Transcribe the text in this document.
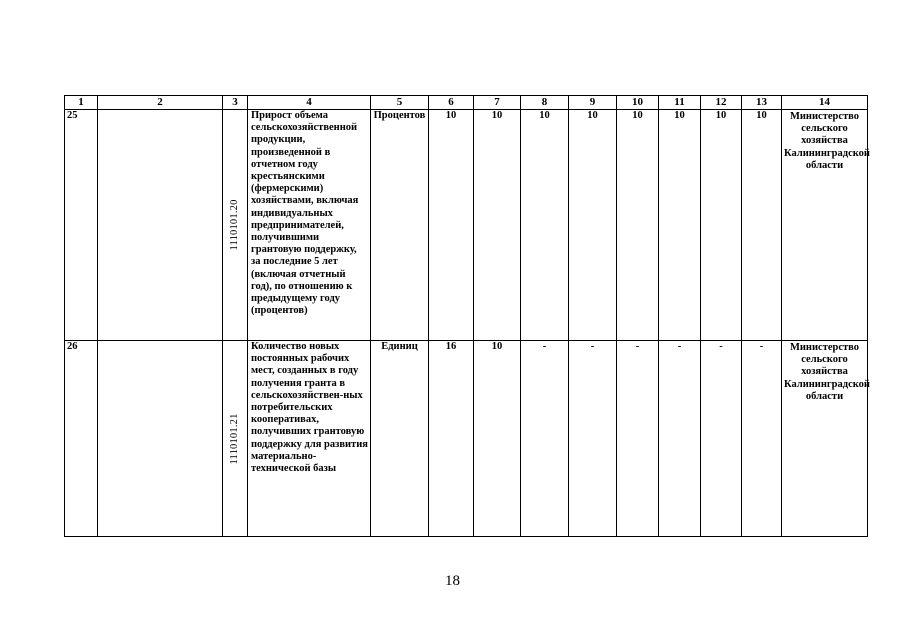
1	2	3	4	5	6	7	8	9	10	11	12	13	14
25		1110101.20	Прирост объема сельскохозяйственной продукции, произведенной в отчетном году крестьянскими (фермерскими) хозяйствами, включая индивидуальных предпринимателей, получившими грантовую поддержку, за последние 5 лет (включая отчетный год), по отношению к предыдущему году (процентов)	Процентов	10	10	10	10	10	10	10	10	Министерство сельского хозяйства Калининградской области
26		1110101.21	Количество новых постоянных рабочих мест, созданных в году получения гранта в сельскохозяйствен-ных потребительских кооперативах, получивших грантовую поддержку для развития материально-технической базы	Единиц	16	10	-	-	-	-	-	-	Министерство сельского хозяйства Калининградской области
18
